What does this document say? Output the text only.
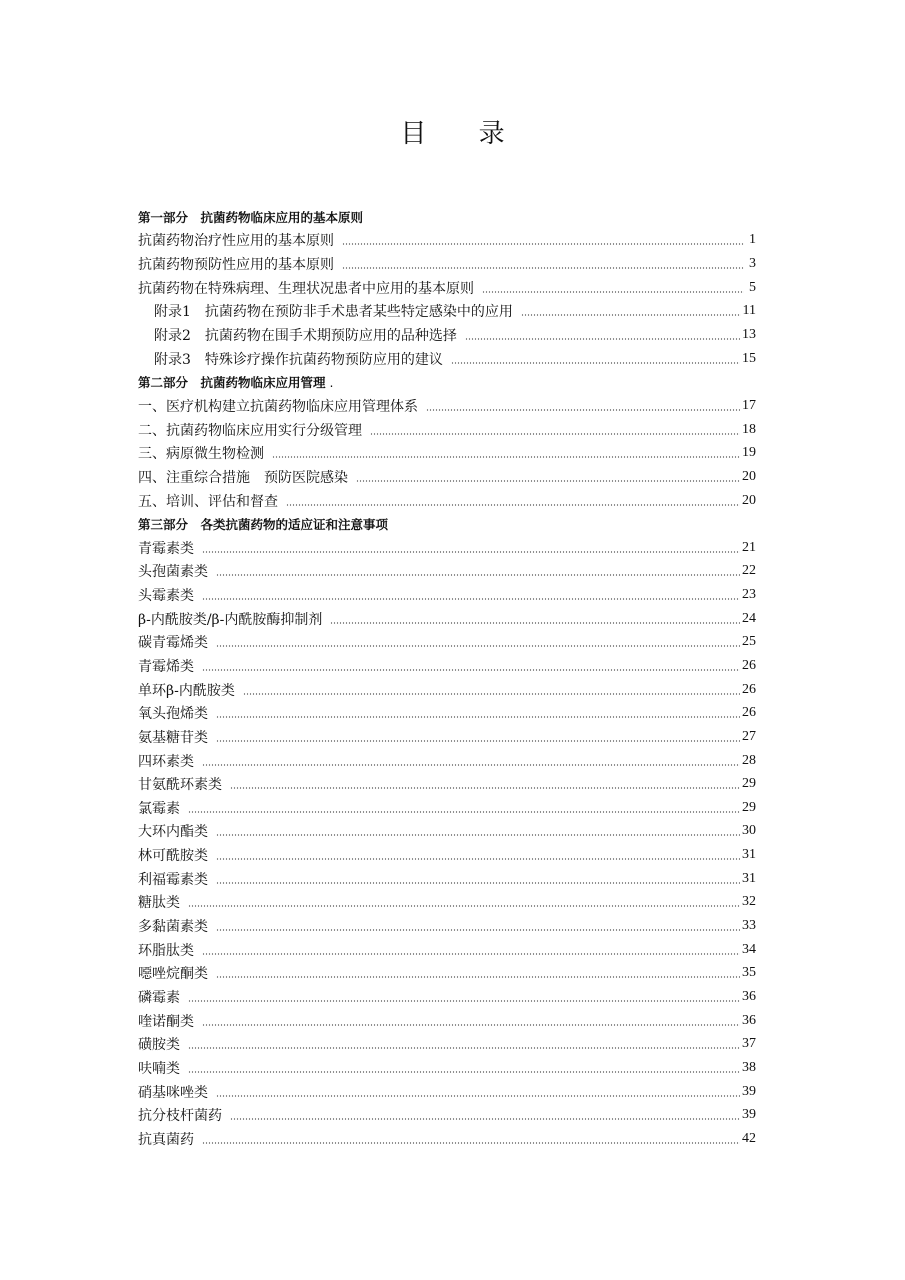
目 录
第一部分　抗菌药物临床应用的基本原则
抗菌药物治疗性应用的基本原则	1
抗菌药物预防性应用的基本原则	3
抗菌药物在特殊病理、生理状况患者中应用的基本原则	5
附录1　抗菌药物在预防非手术患者某些特定感染中的应用	11
附录2　抗菌药物在围手术期预防应用的品种选择	13
附录3　特殊诊疗操作抗菌药物预防应用的建议	15
第二部分　抗菌药物临床应用管理 .
一、医疗机构建立抗菌药物临床应用管理体系	17
二、抗菌药物临床应用实行分级管理	18
三、病原微生物检测	19
四、注重综合措施　预防医院感染	20
五、培训、评估和督查	20
第三部分　各类抗菌药物的适应证和注意事项
青霉素类	21
头孢菌素类	22
头霉素类	23
β-内酰胺类/β-内酰胺酶抑制剂	24
碳青霉烯类	25
青霉烯类	26
单环β-内酰胺类	26
氧头孢烯类	26
氨基糖苷类	27
四环素类	28
甘氨酰环素类	29
氯霉素	29
大环内酯类	30
林可酰胺类	31
利福霉素类	31
糖肽类	32
多黏菌素类	33
环脂肽类	34
噁唑烷酮类	35
磷霉素	36
喹诺酮类	36
磺胺类	37
呋喃类	38
硝基咪唑类	39
抗分枝杆菌药	39
抗真菌药	42
